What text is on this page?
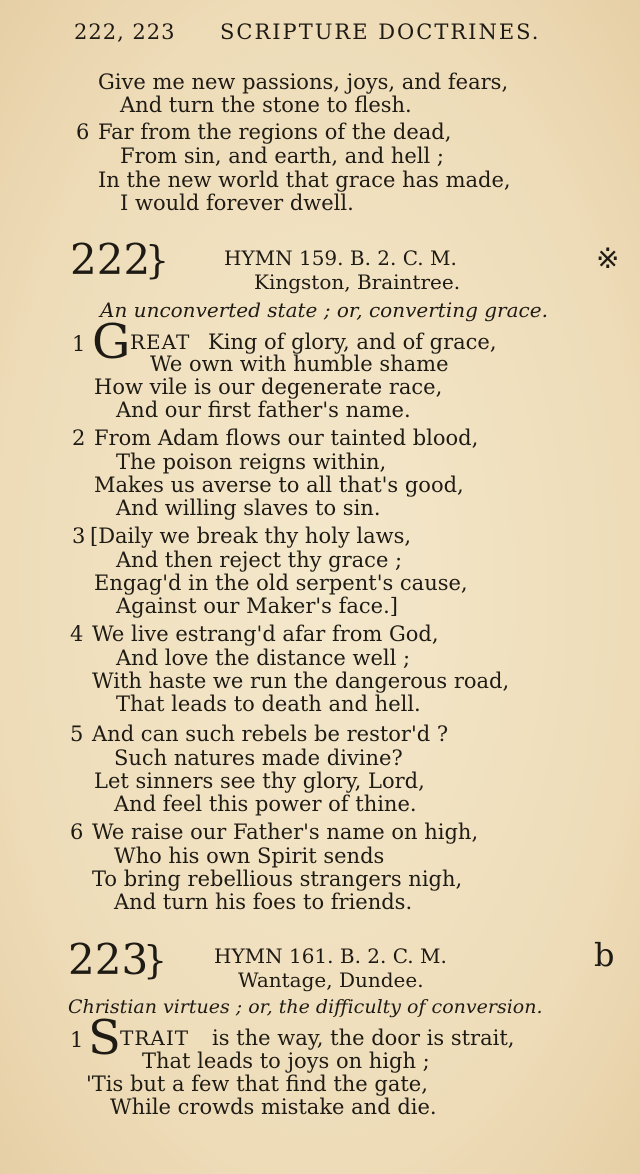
222, 223 SCRIPTURE DOCTRINES.
Give me new passions, joys, and fears,
And turn the stone to flesh.
6 Far from the regions of the dead,
From sin, and earth, and hell ;
In the new world that grace has made,
I would forever dwell.
222
}	HYMN 159. B. 2. C. M.	※
Kingston, Braintree.
An unconverted state ; or, converting grace.
1 G REAT King of glory, and of grace,
We own with humble shame
How vile is our degenerate race,
And our first father's name.
2 From Adam flows our tainted blood,
The poison reigns within,
Makes us averse to all that's good,
And willing slaves to sin.
3 [Daily we break thy holy laws,
And then reject thy grace ;
Engag'd in the old serpent's cause,
Against our Maker's face.]
4 We live estrang'd afar from God,
And love the distance well ;
With haste we run the dangerous road,
That leads to death and hell.
5 And can such rebels be restor'd ?
Such natures made divine?
Let sinners see thy glory, Lord,
And feel this power of thine.
6 We raise our Father's name on high,
Who his own Spirit sends
To bring rebellious strangers nigh,
And turn his foes to friends.
223
} HYMN 161. B. 2. C. M.	b
Wantage, Dundee.
Christian virtues ; or, the difficulty of conversion.
1 S TRAIT is the way, the door is strait,
That leads to joys on high ;
'Tis but a few that find the gate,
While crowds mistake and die.
